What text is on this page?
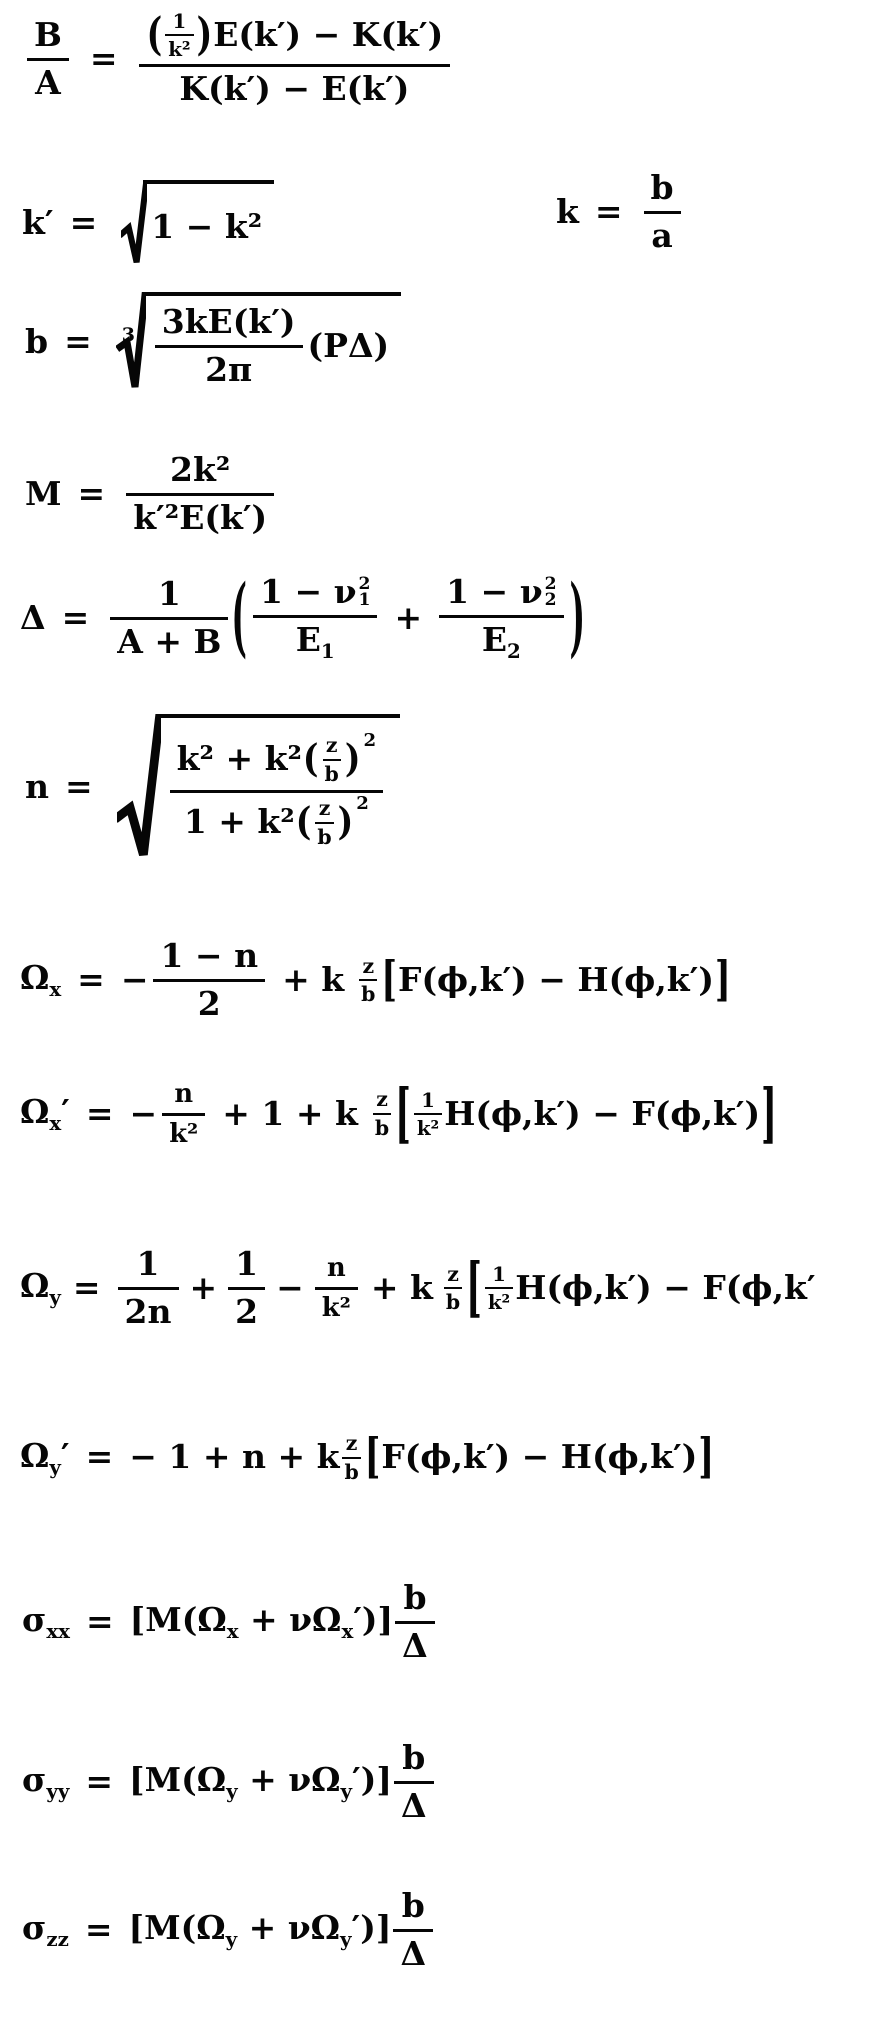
$\frac{B}{A}$ = ( $\frac{1}{\text{k²}}$ ) E(k′) − K(k′)
K(k′) − E(k′)
k′ = 1 − k²	$k = \frac{b}{a}$
$b = 3 \frac{3kE(k')}{2\pi} (P\Delta)$
$M = \frac{\text{2k²}}{\text{k′²E(k′)}}$
$\Delta = \frac{1}{A + B}$ ( 1 − ν 2
1
$E_1 + 1 - \nu$ 2
2
$E_2$ )
n =
k² + k² ( $\frac{z}{b}$ ) 2
1 + k² ( $\frac{z}{b}$ ) 2
$\Omega_x$ = − $\frac{1 - n}{2} + k \frac{z}{b}$ [ F(ϕ,k′) − H(ϕ,k′) ]
$\Omega_x'$ = − $\frac{n}{\text{k²}} + 1 + k \frac{z}{b}$ [ $\frac{1}{\text{k²}} H(\phi,k') - F(\phi,k')$ ]
$\Omega_y = \frac{1}{2n} + \frac{1}{2} - \frac{n}{\text{k²}} + k \frac{z}{b}$ [ $\frac{1}{\text{k²}} H(\phi,k') - F(\phi,k'$
$\Omega_y'$ = − 1 + n + k $\frac{z}{b}$ [ F(ϕ,k′) − H(ϕ,k′) ]
$\sigma_{xx} = [M(\Omega_x + \nu\Omega_x')] \frac{b}{\Delta}$
$\sigma_{yy} = [M(\Omega_y + \nu\Omega_y')] \frac{b}{\Delta}$
$\sigma_{zz} = [M(\Omega_y + \nu\Omega_y')] \frac{b}{\Delta}$
